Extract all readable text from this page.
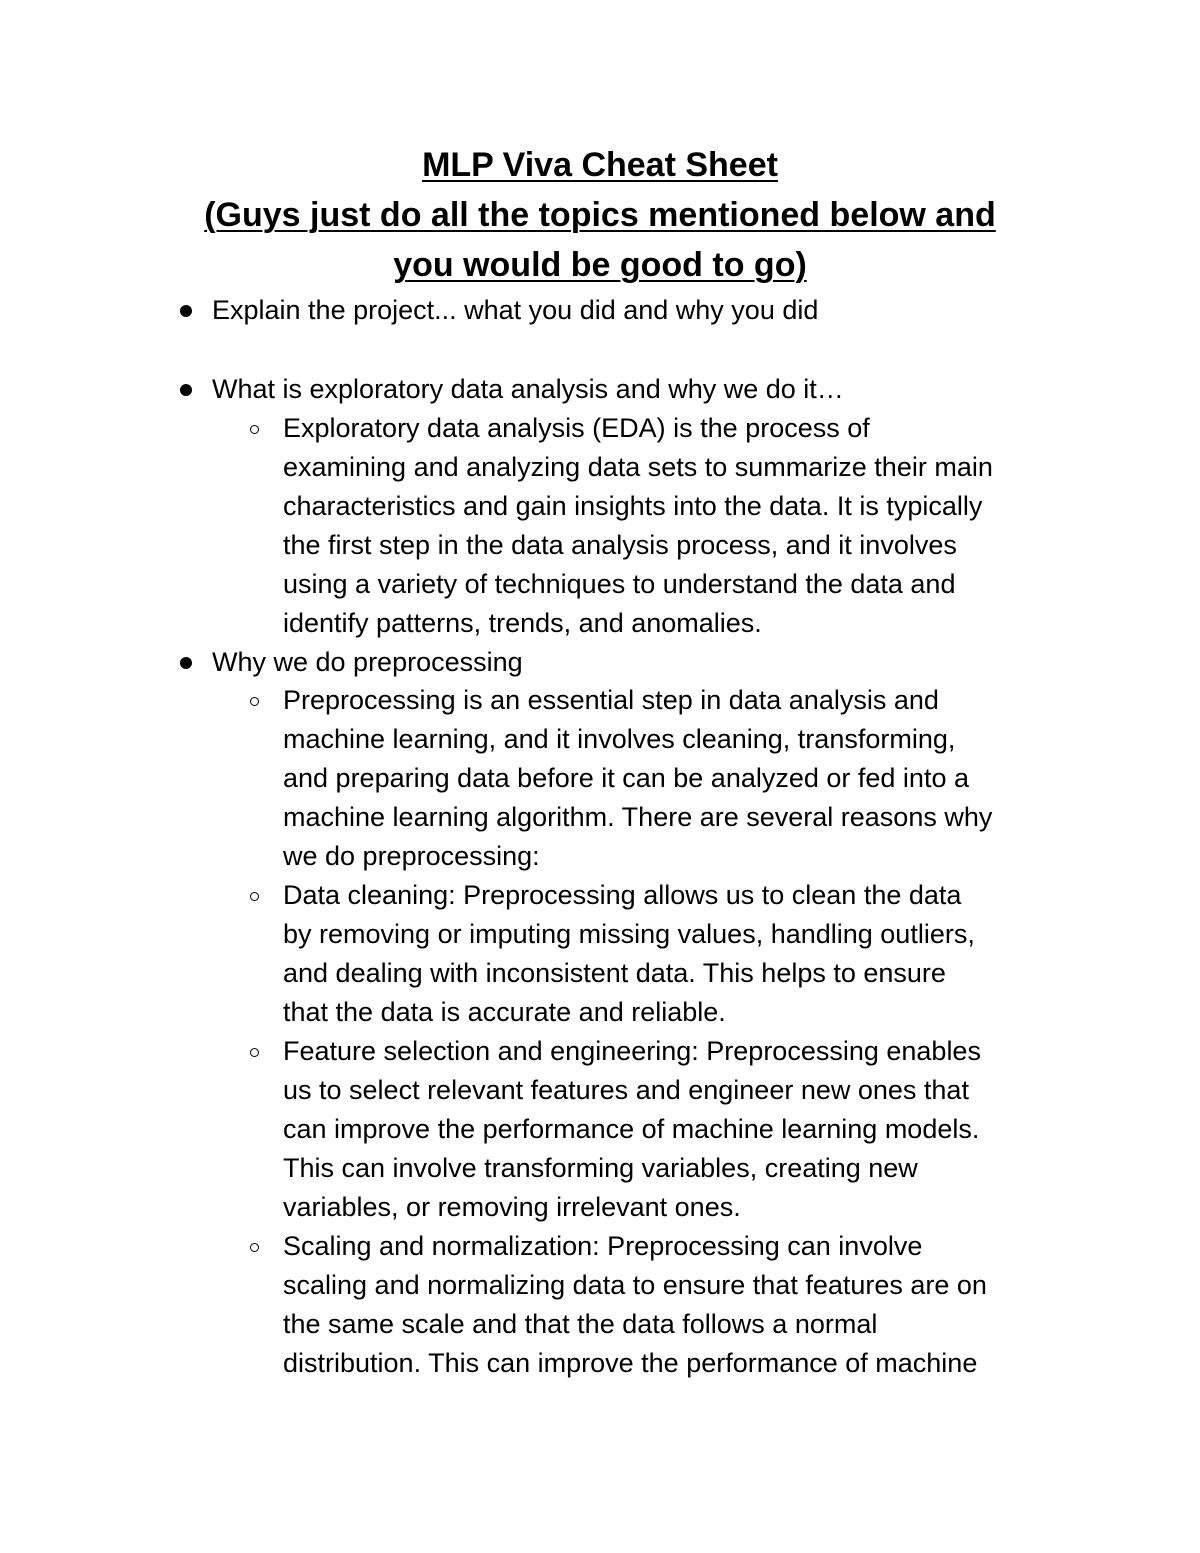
MLP Viva Cheat Sheet
(Guys just do all the topics mentioned below and
you would be good to go)
Explain the project... what you did and why you did
What is exploratory data analysis and why we do it…
Exploratory data analysis (EDA) is the process of
examining and analyzing data sets to summarize their main
characteristics and gain insights into the data. It is typically
the first step in the data analysis process, and it involves
using a variety of techniques to understand the data and
identify patterns, trends, and anomalies.
Why we do preprocessing
Preprocessing is an essential step in data analysis and
machine learning, and it involves cleaning, transforming,
and preparing data before it can be analyzed or fed into a
machine learning algorithm. There are several reasons why
we do preprocessing:
Data cleaning: Preprocessing allows us to clean the data
by removing or imputing missing values, handling outliers,
and dealing with inconsistent data. This helps to ensure
that the data is accurate and reliable.
Feature selection and engineering: Preprocessing enables
us to select relevant features and engineer new ones that
can improve the performance of machine learning models.
This can involve transforming variables, creating new
variables, or removing irrelevant ones.
Scaling and normalization: Preprocessing can involve
scaling and normalizing data to ensure that features are on
the same scale and that the data follows a normal
distribution. This can improve the performance of machine
